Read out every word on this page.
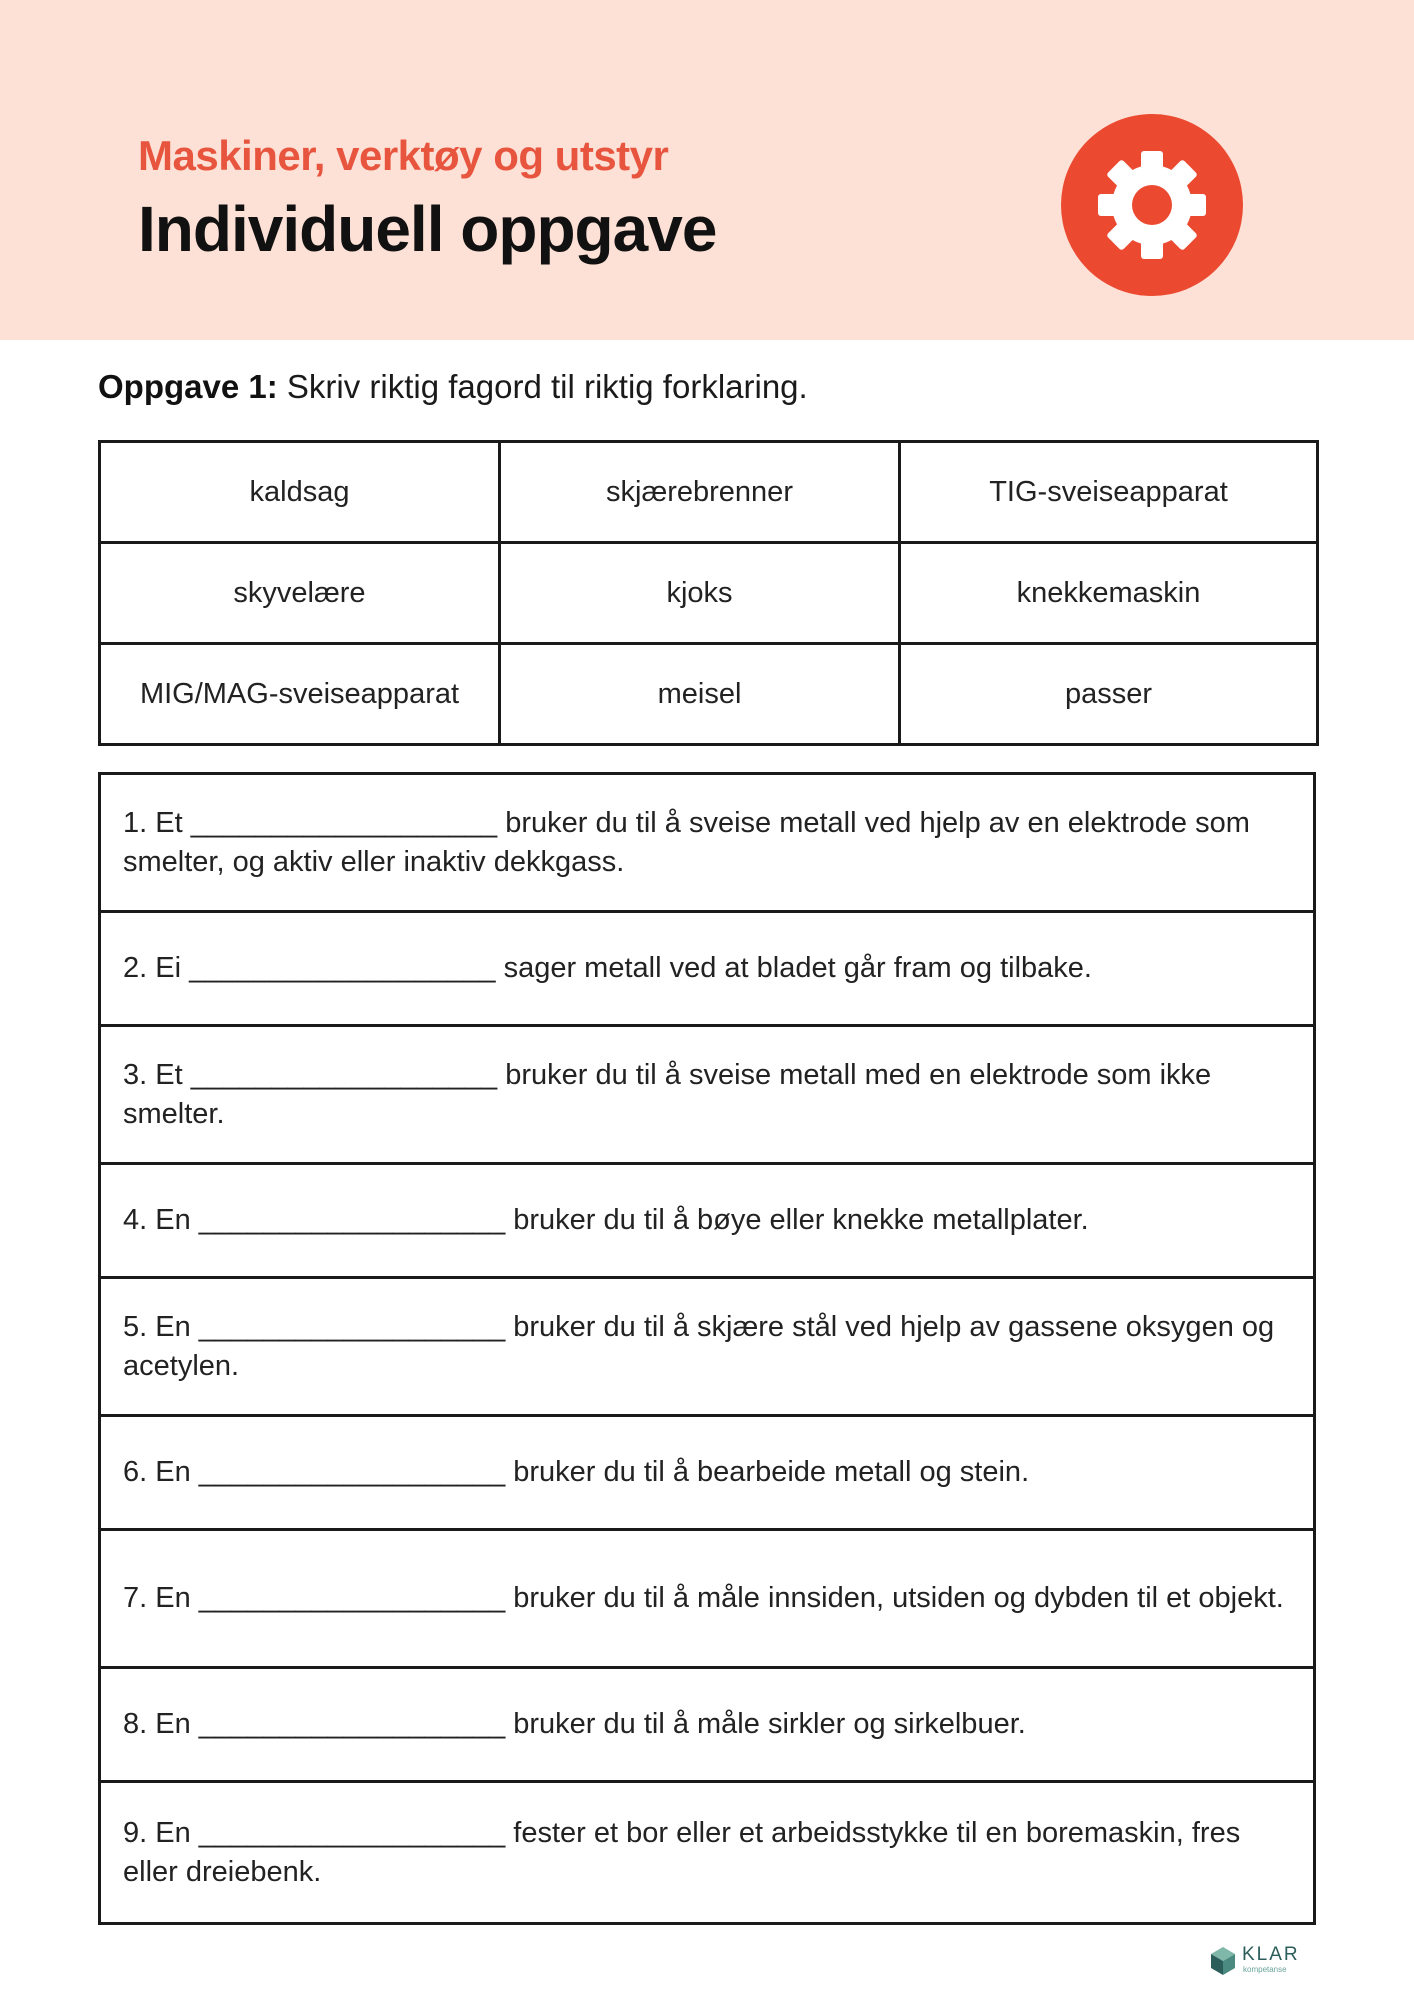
Maskiner, verktøy og utstyr
Individuell oppgave
Oppgave 1: Skriv riktig fagord til riktig forklaring.
kaldsag	skjærebrenner	TIG-sveiseapparat
skyvelære	kjoks	knekkemaskin
MIG/MAG-sveiseapparat	meisel	passer
1. Et ___________________ bruker du til å sveise metall ved hjelp av en elektrode som smelter, og aktiv eller inaktiv dekkgass.
2. Ei ___________________ sager metall ved at bladet går fram og tilbake.
3. Et ___________________ bruker du til å sveise metall med en elektrode som ikke smelter.
4. En ___________________ bruker du til å bøye eller knekke metallplater.
5. En ___________________ bruker du til å skjære stål ved hjelp av gassene oksygen og acetylen.
6. En ___________________ bruker du til å bearbeide metall og stein.
7. En ___________________ bruker du til å måle innsiden, utsiden og dybden til et objekt.
8. En ___________________ bruker du til å måle sirkler og sirkelbuer.
9. En ___________________ fester et bor eller et arbeidsstykke til en boremaskin, fres eller dreiebenk.
KLAR
kompetanse
